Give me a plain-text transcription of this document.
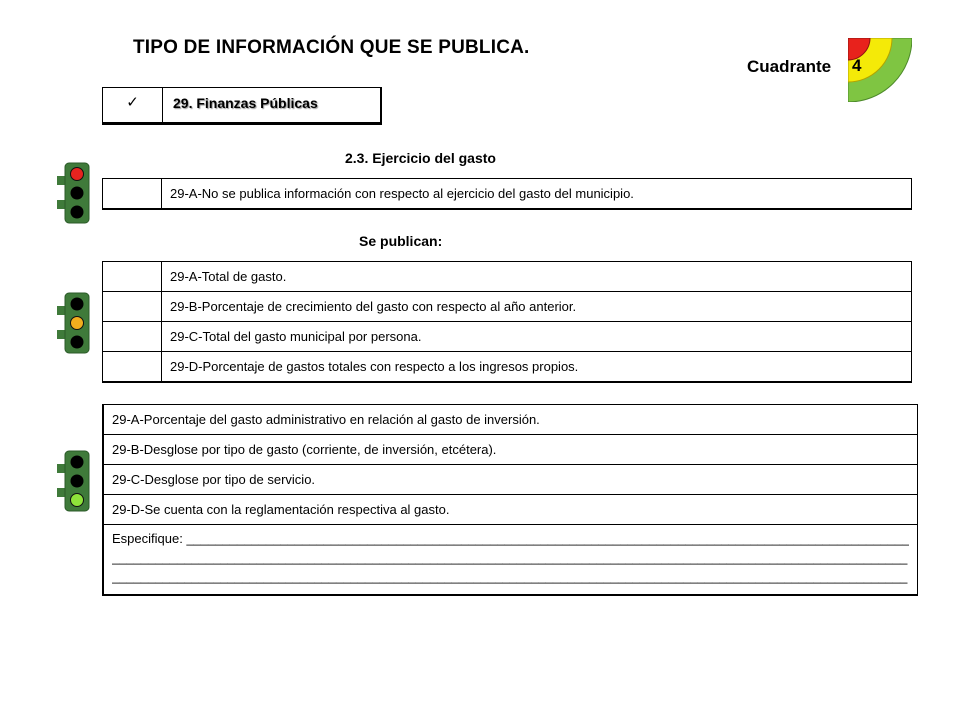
TIPO DE INFORMACIÓN QUE SE PUBLICA.
Cuadrante 4
✓	29. Finanzas Públicas
2.3. Ejercicio del gasto
	29-A-No se publica información con respecto al ejercicio del gasto del municipio.
Se publican:
	29-A-Total de gasto.
	29-B-Porcentaje de crecimiento del gasto con respecto al año anterior.
	29-C-Total del gasto municipal por persona.
	29-D-Porcentaje de gastos totales con respecto a los ingresos propios.
	29-A-Porcentaje del gasto administrativo en relación al gasto de inversión.
	29-B-Desglose por tipo de gasto (corriente, de inversión, etcétera).
	29-C-Desglose por tipo de servicio.
	29-D-Se cuenta con la reglamentación respectiva al gasto.

Especifique: ____________________________________________________________________________________________________
______________________________________________________________________________________________________________
______________________________________________________________________________________________________________
